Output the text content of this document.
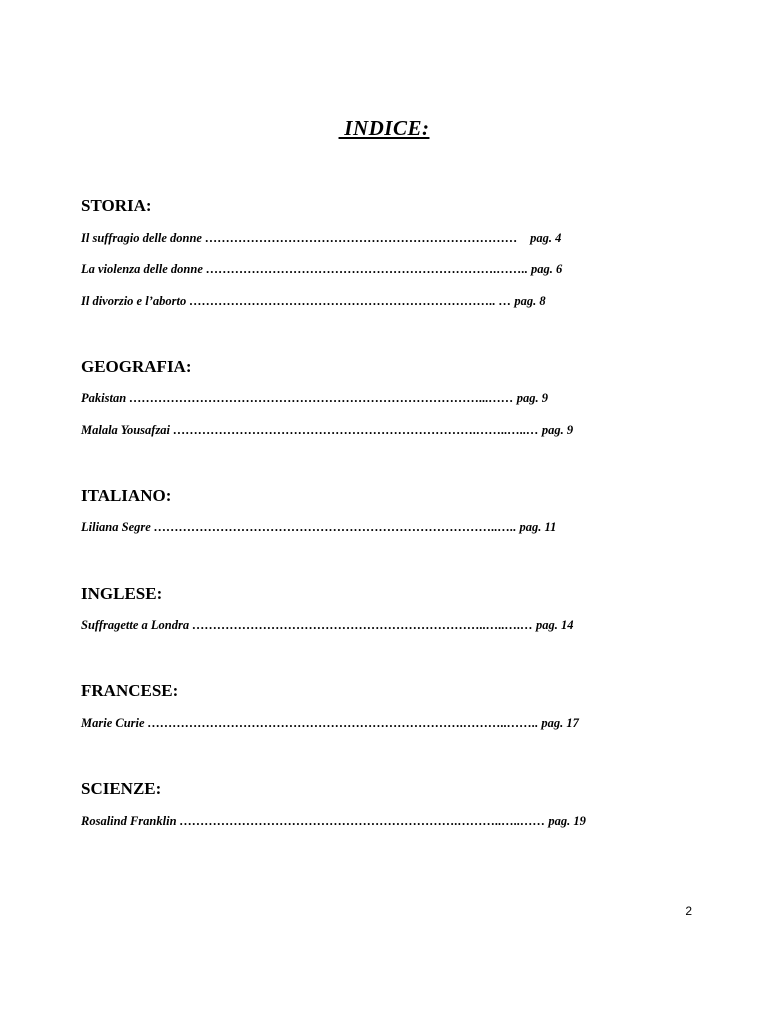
INDICE:
STORIA:
Il suffragio delle donne …………………………………………………………………    pag. 4
La violenza delle donne …………………………………………………………….…….. pag. 6
Il divorzio e l’aborto ……………………………………………………………….. … pag. 8
GEOGRAFIA:
Pakistan …………………………………………………………………………...…… pag. 9
Malala Yousafzai ……………………………………………………………….……..…..… pag. 9
ITALIANO:
Liliana Segre ………………………………………………………………………..….. pag. 11
INGLESE:
Suffragette a Londra ……………………………………………………………..…..….… pag. 14
FRANCESE:
Marie Curie ………………………………………………………………….………..…….. pag. 17
SCIENZE:
Rosalind Franklin ………………………………………………………….………..…..…… pag. 19
2
